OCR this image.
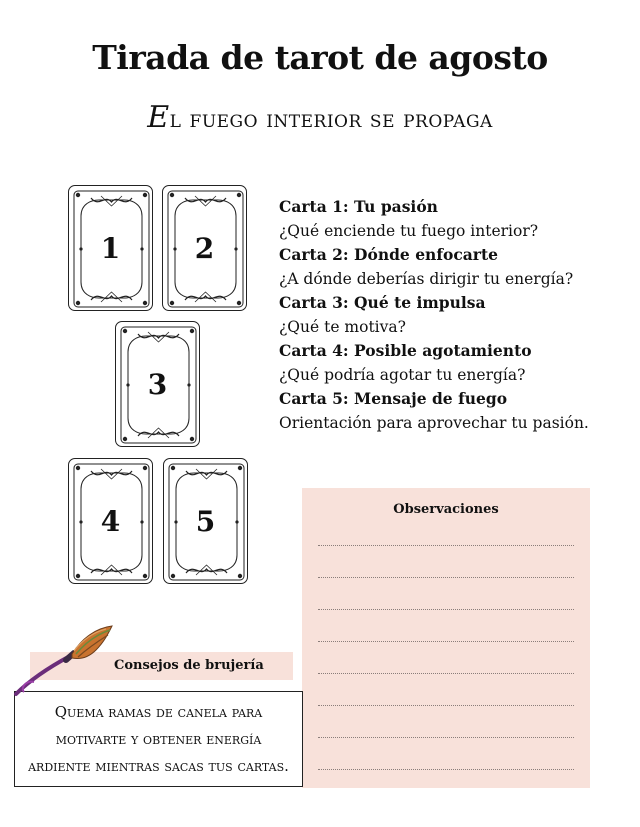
Tirada de tarot de agosto
El fuego interior se propaga
1	2
3
4	5
Carta 1: Tu pasión
¿Qué enciende tu fuego interior?
Carta 2: Dónde enfocarte
¿A dónde deberías dirigir tu energía?
Carta 3: Qué te impulsa
¿Qué te motiva?
Carta 4: Posible agotamiento
¿Qué podría agotar tu energía?
Carta 5: Mensaje de fuego
Orientación para aprovechar tu pasión.
Observaciones
Consejos de brujería
Quema ramas de canela para motivarte y obtener energía ardiente mientras sacas tus cartas.
